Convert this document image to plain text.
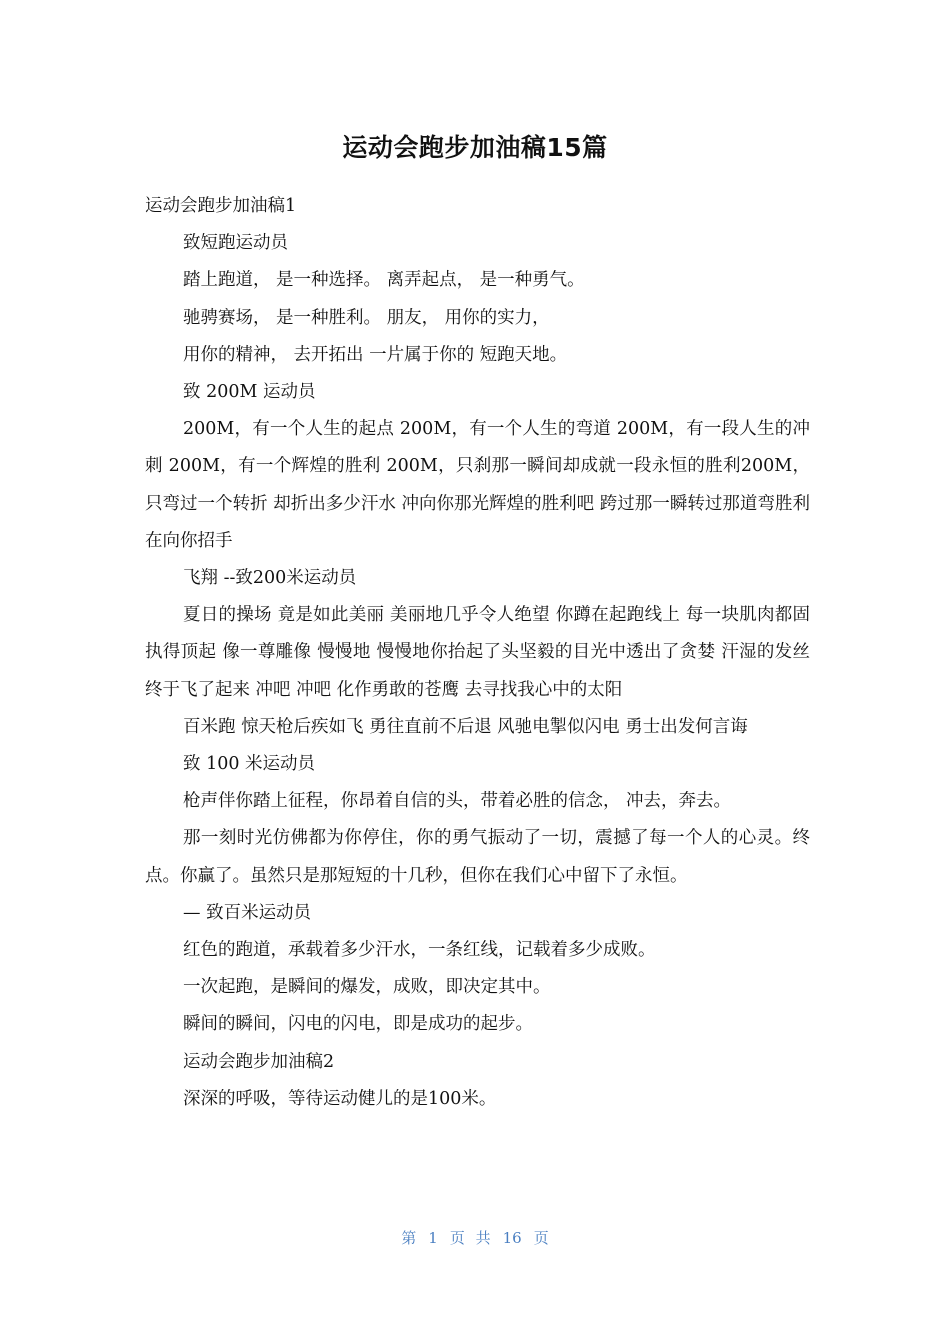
运动会跑步加油稿15篇

运动会跑步加油稿1

致短跑运动员

踏上跑道， 是一种选择。 离弄起点， 是一种勇气。

驰骋赛场， 是一种胜利。 朋友， 用你的实力，

用你的精神， 去开拓出 一片属于你的 短跑天地。

致 200M 运动员

200M，有一个人生的起点 200M，有一个人生的弯道 200M，有一段人生的冲刺 200M，有一个辉煌的胜利 200M，只刹那一瞬间却成就一段永恒的胜利200M，只弯过一个转折 却折出多少汗水 冲向你那光辉煌的胜利吧 跨过那一瞬转过那道弯胜利在向你招手

飞翔 --致200米运动员

夏日的操场 竟是如此美丽 美丽地几乎令人绝望 你蹲在起跑线上 每一块肌肉都固执得顶起 像一尊雕像 慢慢地 慢慢地你抬起了头坚毅的目光中透出了贪婪 汗湿的发丝终于飞了起来 冲吧 冲吧 化作勇敢的苍鹰 去寻找我心中的太阳

百米跑 惊天枪后疾如飞 勇往直前不后退 风驰电掣似闪电 勇士出发何言诲

致 100 米运动员

枪声伴你踏上征程，你昂着自信的头，带着必胜的信念， 冲去，奔去。

那一刻时光仿佛都为你停住，你的勇气振动了一切，震撼了每一个人的心灵。终点。你赢了。虽然只是那短短的十几秒，但你在我们心中留下了永恒。

— 致百米运动员

红色的跑道，承载着多少汗水，一条红线，记载着多少成败。

一次起跑，是瞬间的爆发，成败，即决定其中。

瞬间的瞬间，闪电的闪电，即是成功的起步。

运动会跑步加油稿2

深深的呼吸，等待运动健儿的是100米。

第 1 页 共 16 页
